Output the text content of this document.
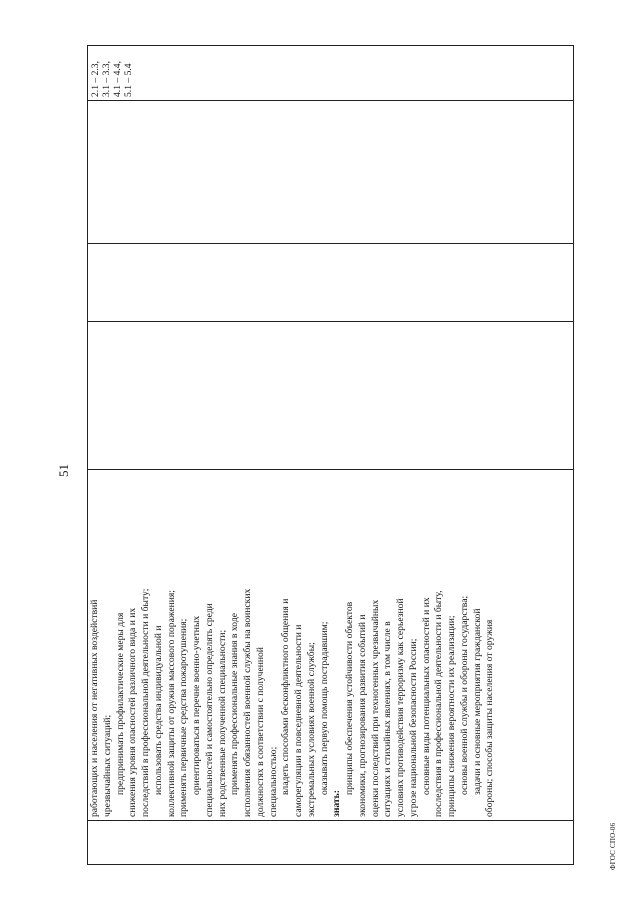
51
работающих и населения от негативных воздействий чрезвычайных ситуаций; предпринимать профилактические меры для снижения уровня опасностей различного вида и их последствий в профессиональной деятельности и быту; использовать средства индивидуальной и коллективной защиты от оружия массового поражения; применять первичные средства пожаротушения; ориентироваться в перечне военно-учетных специальностей и самостоятельно определять среди них родственные полученной специальности; применять профессиональные знания в ходе исполнения обязанностей военной службы на воинских должностях в соответствии с полученной специальностью; владеть способами бесконфликтного общения и саморегуляции в повседневной деятельности и экстремальных условиях военной службы; оказывать первую помощь пострадавшим;
знать:
принципы обеспечения устойчивости объектов экономики, прогнозирования развития событий и оценки последствий при техногенных чрезвычайных ситуациях и стихийных явлениях, в том числе в условиях противодействия терроризму как серьезной угрозе национальной безопасности России; основные виды потенциальных опасностей и их последствия в профессиональной деятельности и быту, принципы снижения вероятности их реализации; основы военной службы и обороны государства; задачи и основные мероприятия гражданской обороны; способы защиты населения от оружия
2.1 – 2.3, 3.1 – 3.3, 4.1 – 4.4, 5.1 – 5.4
ФГОС СПО-06
